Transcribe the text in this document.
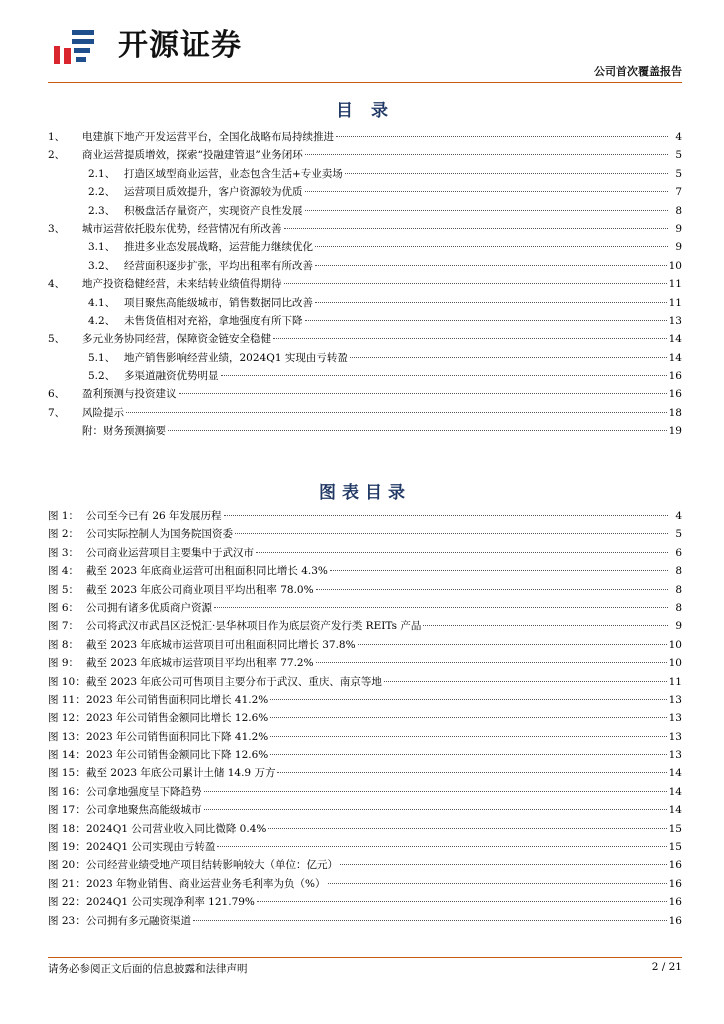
开源证券
公司首次覆盖报告
目 录
1、	电建旗下地产开发运营平台，全国化战略布局持续推进	4
2、	商业运营提质增效，探索“投融建管退”业务闭环	5
2.1、 打造区域型商业运营，业态包含生活+专业卖场	5
2.2、 运营项目质效提升，客户资源较为优质	7
2.3、 积极盘活存量资产，实现资产良性发展	8
3、	城市运营依托股东优势，经营情况有所改善	9
3.1、 推进多业态发展战略，运营能力继续优化	9
3.2、 经营面积逐步扩张，平均出租率有所改善	10
4、	地产投资稳健经营，未来结转业绩值得期待	11
4.1、 项目聚焦高能级城市，销售数据同比改善	11
4.2、 未售货值相对充裕，拿地强度有所下降	13
5、	多元业务协同经营，保障资金链安全稳健	14
5.1、 地产销售影响经营业绩，2024Q1 实现由亏转盈	14
5.2、 多渠道融资优势明显	16
6、	盈利预测与投资建议	16
7、	风险提示	18
附：财务预测摘要	19
图表目录
图 1： 公司至今已有 26 年发展历程	4
图 2： 公司实际控制人为国务院国资委	5
图 3： 公司商业运营项目主要集中于武汉市	6
图 4： 截至 2023 年底商业运营可出租面积同比增长 4.3%	8
图 5： 截至 2023 年底公司商业项目平均出租率 78.0%	8
图 6： 公司拥有诸多优质商户资源	8
图 7： 公司将武汉市武昌区泛悦汇·昙华林项目作为底层资产发行类 REITs 产品	9
图 8： 截至 2023 年底城市运营项目可出租面积同比增长 37.8%	10
图 9： 截至 2023 年底城市运营项目平均出租率 77.2%	10
图 10： 截至 2023 年底公司可售项目主要分布于武汉、重庆、南京等地	11
图 11： 2023 年公司销售面积同比增长 41.2%	13
图 12： 2023 年公司销售金额同比增长 12.6%	13
图 13： 2023 年公司销售面积同比下降 41.2%	13
图 14： 2023 年公司销售金额同比下降 12.6%	13
图 15： 截至 2023 年底公司累计土储 14.9 万方	14
图 16： 公司拿地强度呈下降趋势	14
图 17： 公司拿地聚焦高能级城市	14
图 18： 2024Q1 公司营业收入同比微降 0.4%	15
图 19： 2024Q1 公司实现由亏转盈	15
图 20： 公司经营业绩受地产项目结转影响较大（单位：亿元）	16
图 21： 2023 年物业销售、商业运营业务毛利率为负（%）	16
图 22： 2024Q1 公司实现净利率 121.79%	16
图 23： 公司拥有多元融资渠道	16
请务必参阅正文后面的信息披露和法律声明	2 / 21
